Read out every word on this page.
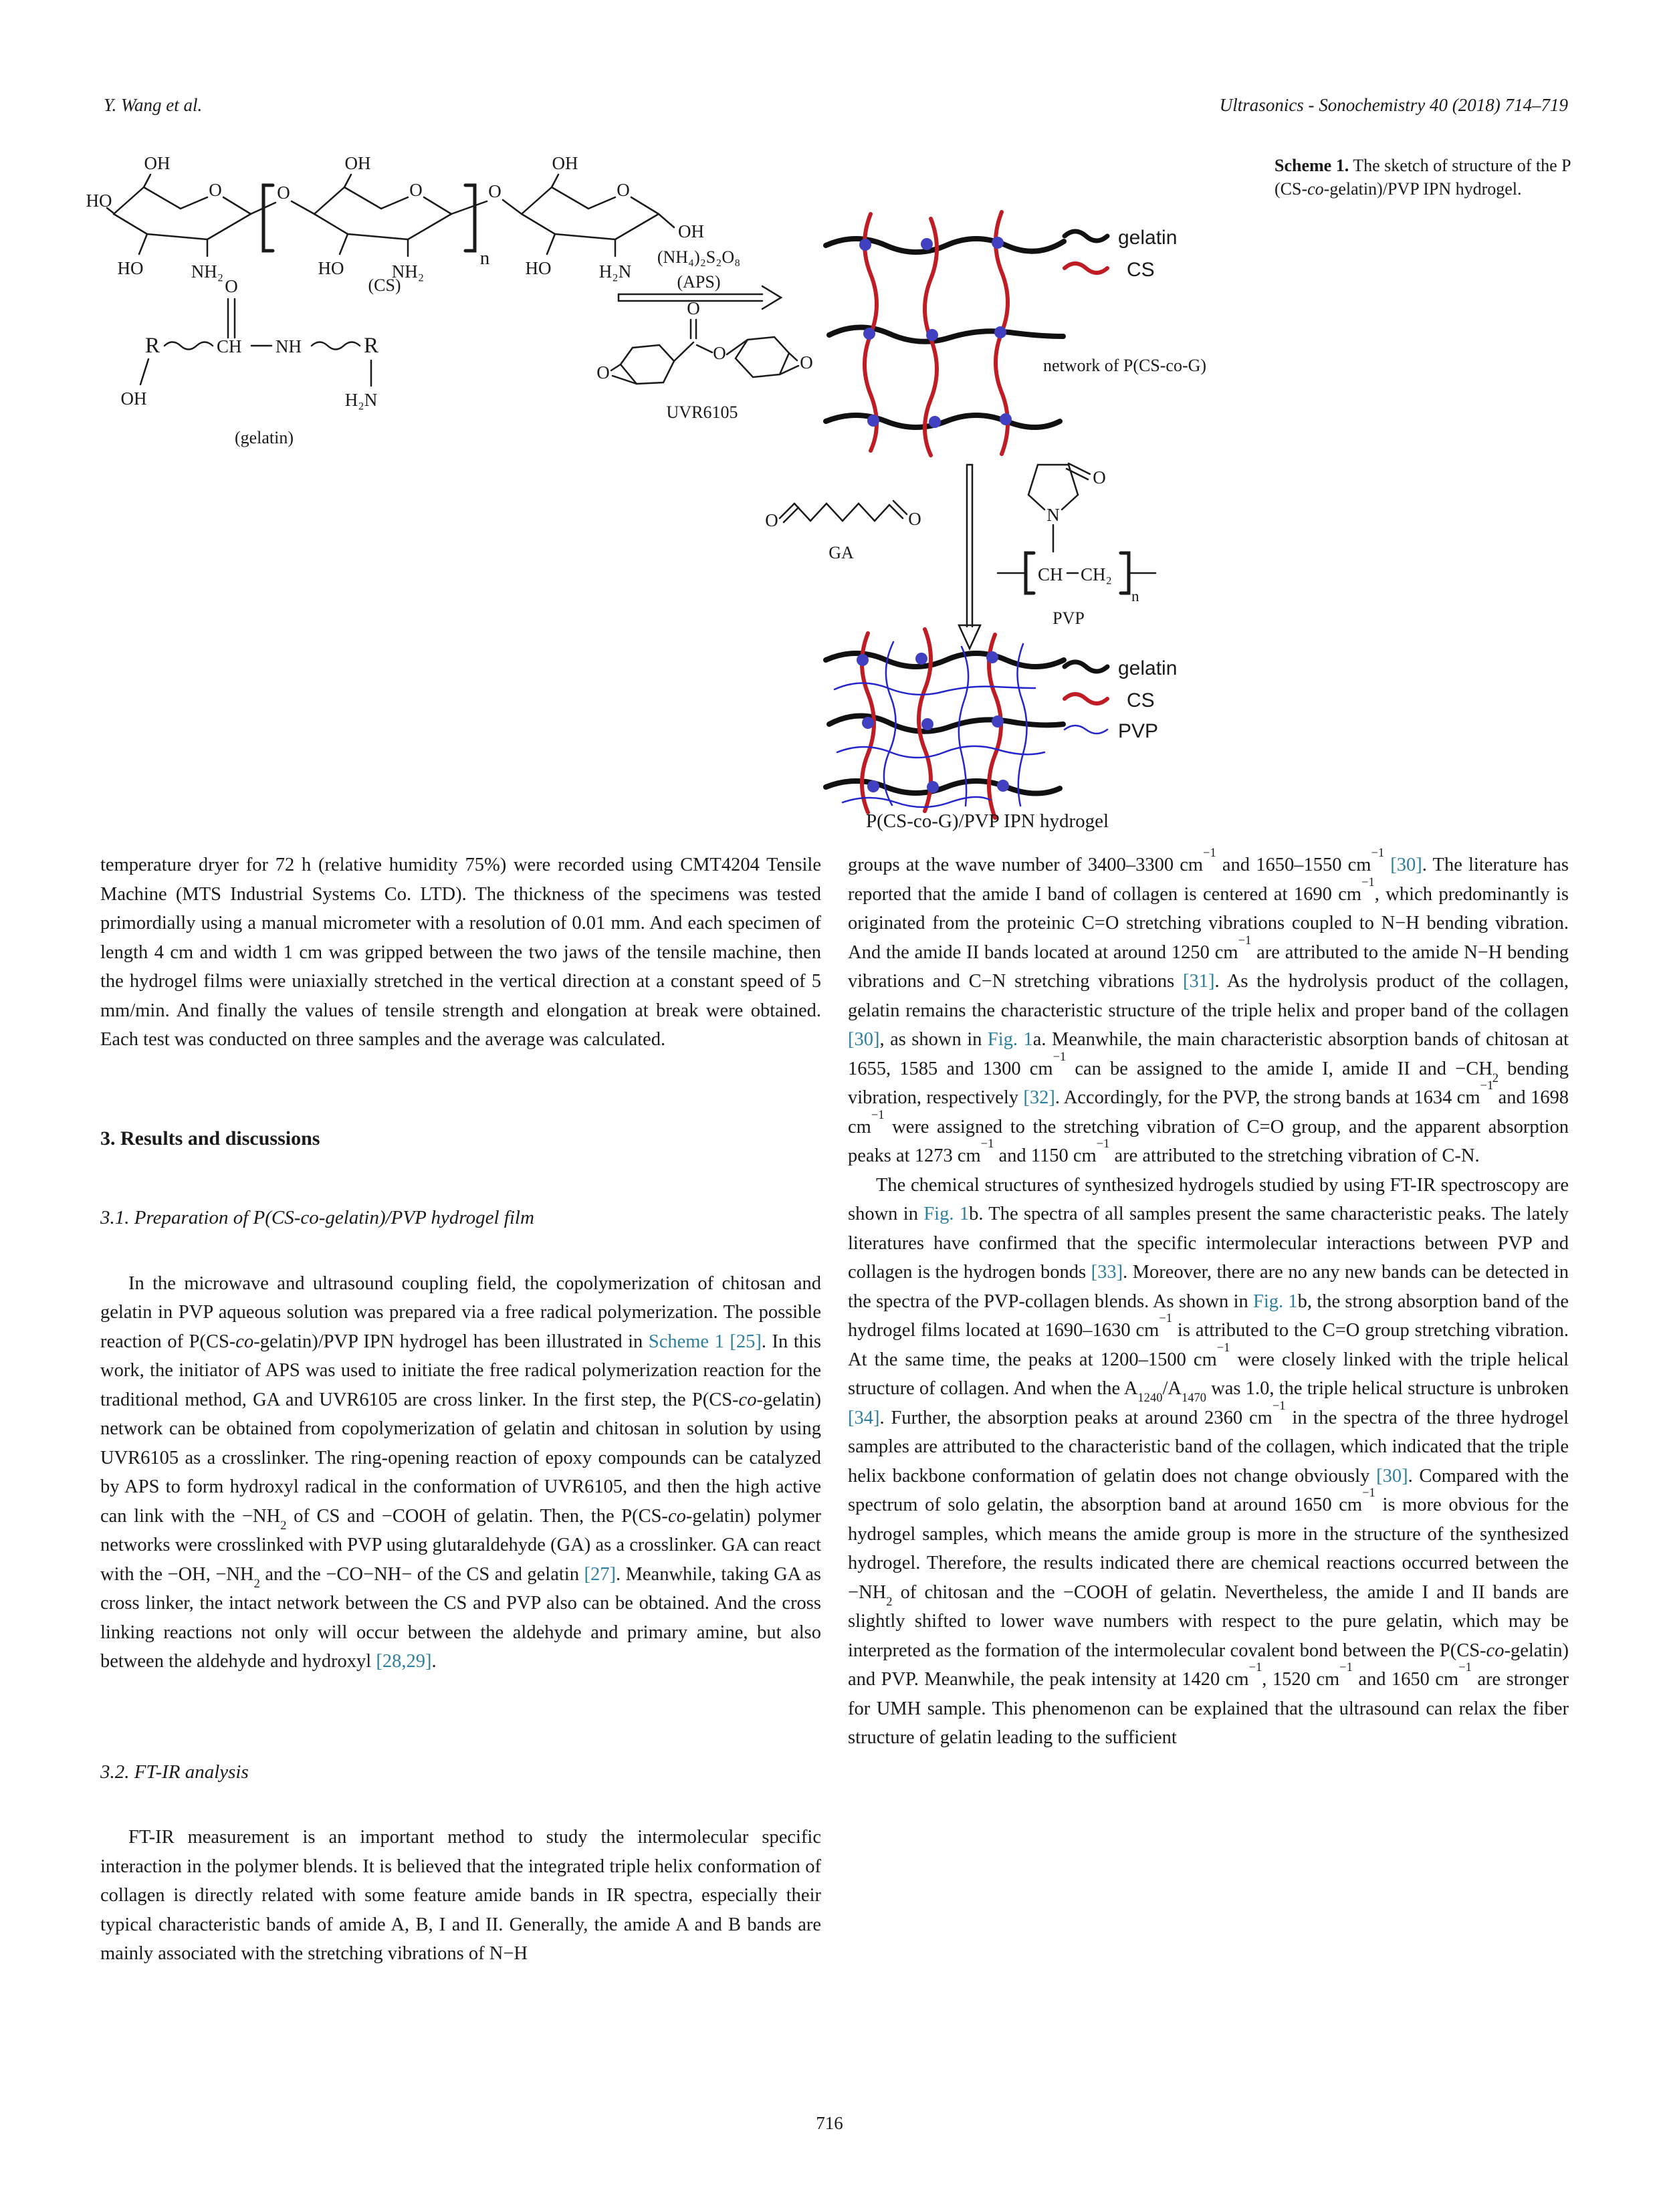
Y. Wang et al.	Ultrasonics - Sonochemistry 40 (2018) 714–719
Scheme 1. The sketch of structure of the P
(CS-co-gelatin)/PVP IPN hydrogel.
OH
HO
O
HO	NH₂
O
OH
O
HO	NH₂
n
O
OH
O
HO	H₂N
OH
(CS)
R	CH NH	R
O
OH	H₂N
(gelatin)
(NH₄)₂S₂O₈
(APS)
O
O
O	O
UVR6105
gelatin
CS
network of P(CS-co-G)
O	O
GA
O
N
CH CH₂
n
PVP
gelatin
CS
PVP
P(CS-co-G)/PVP IPN hydrogel

temperature dryer for 72 h (relative humidity 75%) were recorded using CMT4204 Tensile Machine (MTS Industrial Systems Co. LTD). The thickness of the specimens was tested primordially using a manual micrometer with a resolution of 0.01 mm. And each specimen of length 4 cm and width 1 cm was gripped between the two jaws of the tensile machine, then the hydrogel films were uniaxially stretched in the vertical direction at a constant speed of 5 mm/min. And finally the values of tensile strength and elongation at break were obtained. Each test was conducted on three samples and the average was calculated.

3. Results and discussions
3.1. Preparation of P(CS-co-gelatin)/PVP hydrogel film

In the microwave and ultrasound coupling field, the copolymerization of chitosan and gelatin in PVP aqueous solution was prepared via a free radical polymerization. The possible reaction of P(CS-co-gelatin)/PVP IPN hydrogel has been illustrated in Scheme 1 [25]. In this work, the initiator of APS was used to initiate the free radical polymerization reaction for the traditional method, GA and UVR6105 are cross linker. In the first step, the P(CS-co-gelatin) network can be obtained from copolymerization of gelatin and chitosan in solution by using UVR6105 as a crosslinker. The ring-opening reaction of epoxy compounds can be catalyzed by APS to form hydroxyl radical in the conformation of UVR6105, and then the high active can link with the $-NH_2$ of CS and −COOH of gelatin. Then, the P(CS-co-gelatin) polymer networks were crosslinked with PVP using glutaraldehyde (GA) as a crosslinker. GA can react with the −OH, $-NH_2$ and the −CO−NH− of the CS and gelatin [27]. Meanwhile, taking GA as cross linker, the intact network between the CS and PVP also can be obtained. And the cross linking reactions not only will occur between the aldehyde and primary amine, but also between the aldehyde and hydroxyl [28,29].

3.2. FT-IR analysis

FT-IR measurement is an important method to study the intermolecular specific interaction in the polymer blends. It is believed that the integrated triple helix conformation of collagen is directly related with some feature amide bands in IR spectra, especially their typical characteristic bands of amide A, B, I and II. Generally, the amide A and B bands are mainly associated with the stretching vibrations of N−H

groups at the wave number of 3400–3300 $cm^{-1}$ and 1650–1550 $cm^{-1}$ [30]. The literature has reported that the amide I band of collagen is centered at 1690 $cm^{-1}$, which predominantly is originated from the proteinic C=O stretching vibrations coupled to N−H bending vibration. And the amide II bands located at around 1250 $cm^{-1}$ are attributed to the amide N−H bending vibrations and C−N stretching vibrations [31]. As the hydrolysis product of the collagen, gelatin remains the characteristic structure of the triple helix and proper band of the collagen [30], as shown in Fig. 1a. Meanwhile, the main characteristic absorption bands of chitosan at 1655, 1585 and 1300 $cm^{-1}$ can be assigned to the amide I, amide II and $-CH_2$ bending vibration, respectively [32]. Accordingly, for the PVP, the strong bands at 1634 $cm^{-1}$ and 1698 $cm^{-1}$ were assigned to the stretching vibration of C=O group, and the apparent absorption peaks at 1273 $cm^{-1}$ and 1150 $cm^{-1}$ are attributed to the stretching vibration of C-N.

The chemical structures of synthesized hydrogels studied by using FT-IR spectroscopy are shown in Fig. 1b. The spectra of all samples present the same characteristic peaks. The lately literatures have confirmed that the specific intermolecular interactions between PVP and collagen is the hydrogen bonds [33]. Moreover, there are no any new bands can be detected in the spectra of the PVP-collagen blends. As shown in Fig. 1b, the strong absorption band of the hydrogel films located at 1690–1630 $cm^{-1}$ is attributed to the C=O group stretching vibration. At the same time, the peaks at 1200–1500 $cm^{-1}$ were closely linked with the triple helical structure of collagen. And when the $A_{1240}/A_{1470}$ was 1.0, the triple helical structure is unbroken [34]. Further, the absorption peaks at around 2360 $cm^{-1}$ in the spectra of the three hydrogel samples are attributed to the characteristic band of the collagen, which indicated that the triple helix backbone conformation of gelatin does not change obviously [30]. Compared with the spectrum of solo gelatin, the absorption band at around 1650 $cm^{-1}$ is more obvious for the hydrogel samples, which means the amide group is more in the structure of the synthesized hydrogel. Therefore, the results indicated there are chemical reactions occurred between the $-NH_2$ of chitosan and the −COOH of gelatin. Nevertheless, the amide I and II bands are slightly shifted to lower wave numbers with respect to the pure gelatin, which may be interpreted as the formation of the intermolecular covalent bond between the P(CS-co-gelatin) and PVP. Meanwhile, the peak intensity at 1420 $cm^{-1}$, 1520 $cm^{-1}$ and 1650 $cm^{-1}$ are stronger for UMH sample. This phenomenon can be explained that the ultrasound can relax the fiber structure of gelatin leading to the sufficient

716
